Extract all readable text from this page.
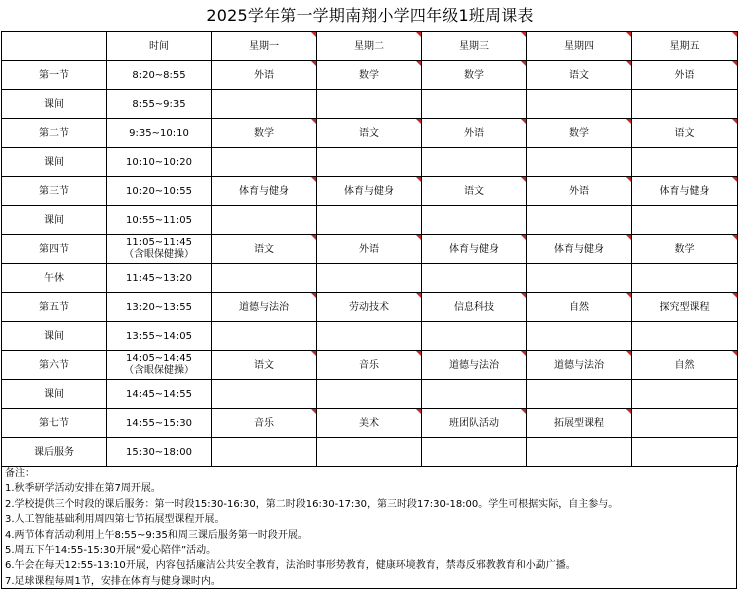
2025学年第一学期南翔小学四年级1班周课表
	时间	星期一	星期二	星期三	星期四	星期五

第一节	8:20~8:55	外语	数学	数学	语文	外语

课间	8:55~9:35					

第二节	9:35~10:10	数学	语文	外语	数学	语文

课间	10:10~10:20					

第三节	10:20~10:55	体育与健身	体育与健身	语文	外语	体育与健身

课间	10:55~11:05					

第四节	11:05~11:45
（含眼保健操）	语文	外语	体育与健身	体育与健身	数学

午休	11:45~13:20					

第五节	13:20~13:55	道德与法治	劳动技术	信息科技	自然	探究型课程

课间	13:55~14:05					

第六节	14:05~14:45
（含眼保健操）	语文	音乐	道德与法治	道德与法治	自然

课间	14:45~14:55					

第七节	14:55~15:30	音乐	美术	班团队活动	拓展型课程

课后服务	15:30~18:00					

备注：
1.秋季研学活动安排在第7周开展。
2.学校提供三个时段的课后服务：第一时段15:30-16:30，第二时段16:30-17:30，第三时段17:30-18:00。学生可根据实际，自主参与。
3.人工智能基础利用周四第七节拓展型课程开展。
4.两节体育活动利用上午8:55~9:35和周三课后服务第一时段开展。
5.周五下午14:55-15:30开展“爱心陪伴”活动。
6.午会在每天12:55-13:10开展，内容包括廉洁公共安全教育，法治时事形势教育，健康环境教育，禁毒反邪教教育和小勐广播。
7.足球课程每周1节，安排在体育与健身课时内。
